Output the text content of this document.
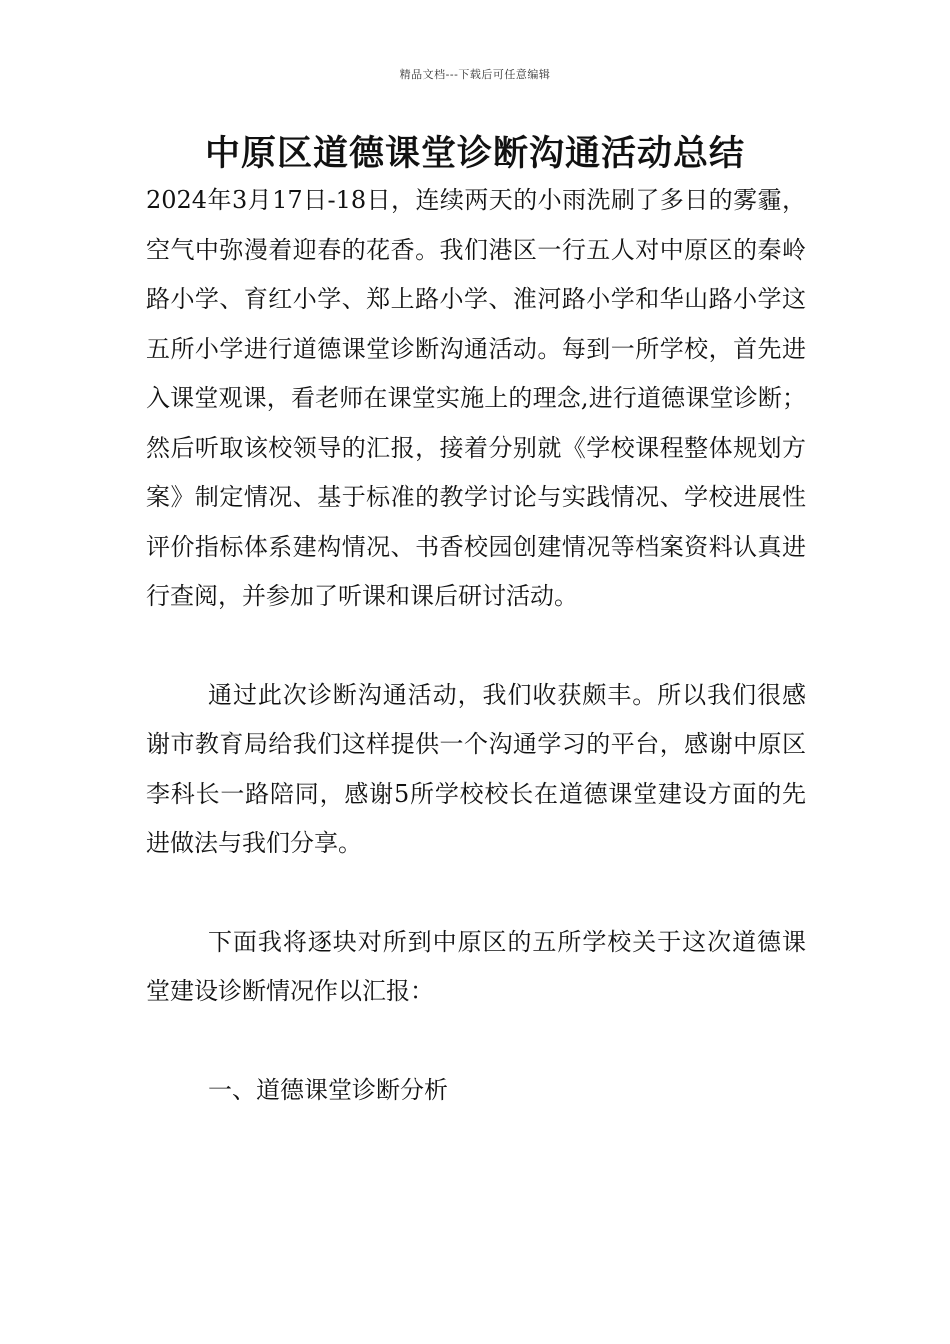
精品文档---下载后可任意编辑
中原区道德课堂诊断沟通活动总结

2024年3月17日-18日，连续两天的小雨洗刷了多日的雾霾，空气中弥漫着迎春的花香。我们港区一行五人对中原区的秦岭路小学、育红小学、郑上路小学、淮河路小学和华山路小学这五所小学进行道德课堂诊断沟通活动。每到一所学校，首先进入课堂观课，看老师在课堂实施上的理念,进行道德课堂诊断；然后听取该校领导的汇报，接着分别就《学校课程整体规划方案》制定情况、基于标准的教学讨论与实践情况、学校进展性评价指标体系建构情况、书香校园创建情况等档案资料认真进行查阅，并参加了听课和课后研讨活动。

通过此次诊断沟通活动，我们收获颇丰。所以我们很感谢市教育局给我们这样提供一个沟通学习的平台，感谢中原区李科长一路陪同，感谢5所学校校长在道德课堂建设方面的先进做法与我们分享。

下面我将逐块对所到中原区的五所学校关于这次道德课堂建设诊断情况作以汇报：

一、道德课堂诊断分析
